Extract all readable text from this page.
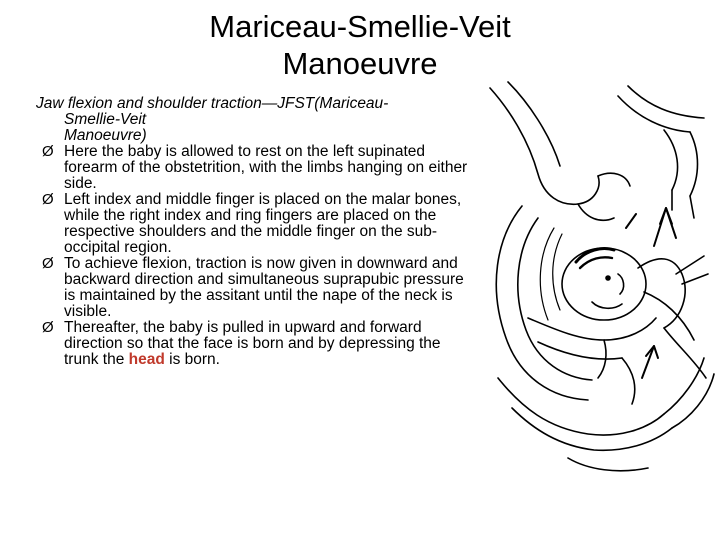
Mariceau-Smellie-Veit
Manoeuvre

Jaw flexion and shoulder traction—JFST(Mariceau-
Smellie-Veit
Manoeuvre)

Ø Here the baby is allowed to rest on the left supinated forearm of the obstetrition, with the limbs hanging on either side.
Ø Left index and middle finger is placed on the malar bones, while the right index and ring fingers are placed on the respective shoulders and the middle finger on the sub-occipital region.
Ø To achieve flexion, traction is now given in downward and backward direction and simultaneous suprapubic pressure is maintained by the assitant until the nape of the neck is visible.
Ø Thereafter, the baby is pulled in upward and forward direction so that the face is born and by depressing the trunk the head is born.
